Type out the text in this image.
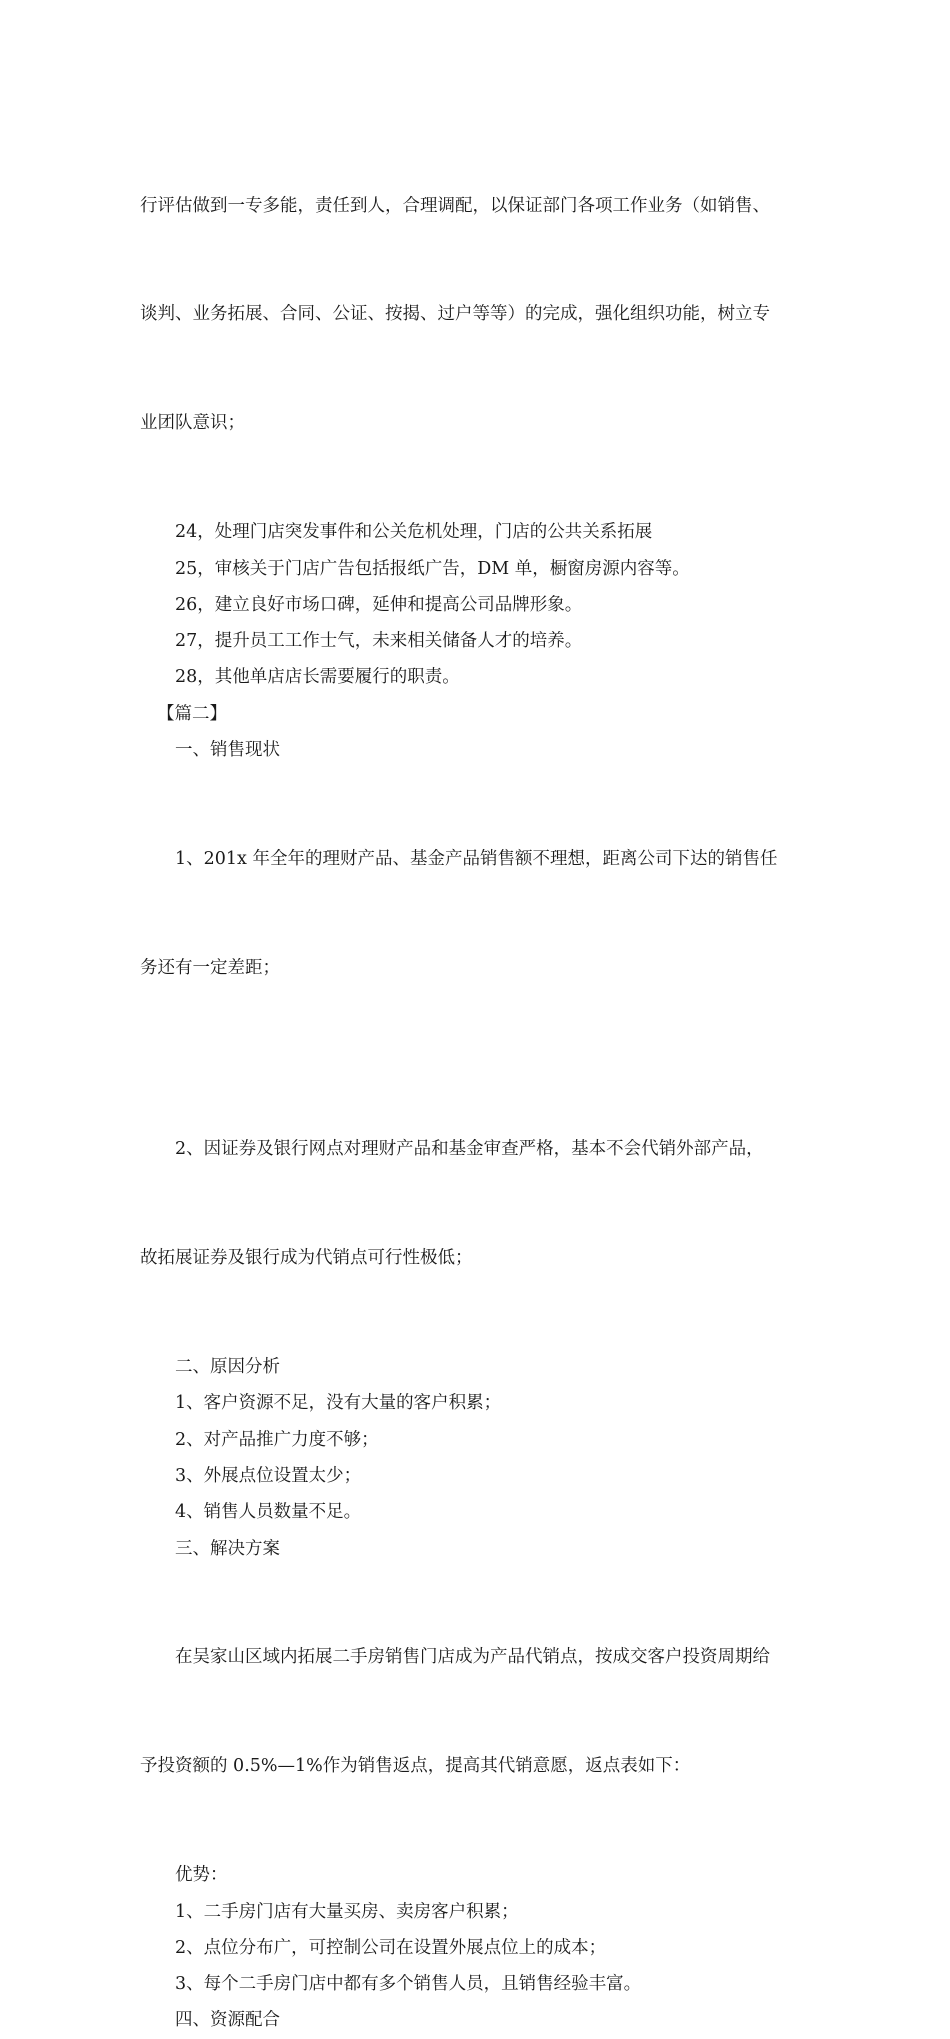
行评估做到一专多能，责任到人，合理调配，以保证部门各项工作业务（如销售、

谈判、业务拓展、合同、公证、按揭、过户等等）的完成，强化组织功能，树立专

业团队意识；

24，处理门店突发事件和公关危机处理，门店的公共关系拓展
25，审核关于门店广告包括报纸广告，DM 单，橱窗房源内容等。
26，建立良好市场口碑，延伸和提高公司品牌形象。
27，提升员工工作士气，未来相关储备人才的培养。
28，其他单店店长需要履行的职责。
【篇二】
一、销售现状

1、201x 年全年的理财产品、基金产品销售额不理想，距离公司下达的销售任

务还有一定差距；

2、因证券及银行网点对理财产品和基金审查严格，基本不会代销外部产品，

故拓展证券及银行成为代销点可行性极低；

二、原因分析
1、客户资源不足，没有大量的客户积累；
2、对产品推广力度不够；
3、外展点位设置太少；
4、销售人员数量不足。
三、解决方案

在吴家山区域内拓展二手房销售门店成为产品代销点，按成交客户投资周期给

予投资额的 0.5%—1%作为销售返点，提高其代销意愿，返点表如下：

优势：
1、二手房门店有大量买房、卖房客户积累；
2、点位分布广，可控制公司在设置外展点位上的成本；
3、每个二手房门店中都有多个销售人员，且销售经验丰富。
四、资源配合
